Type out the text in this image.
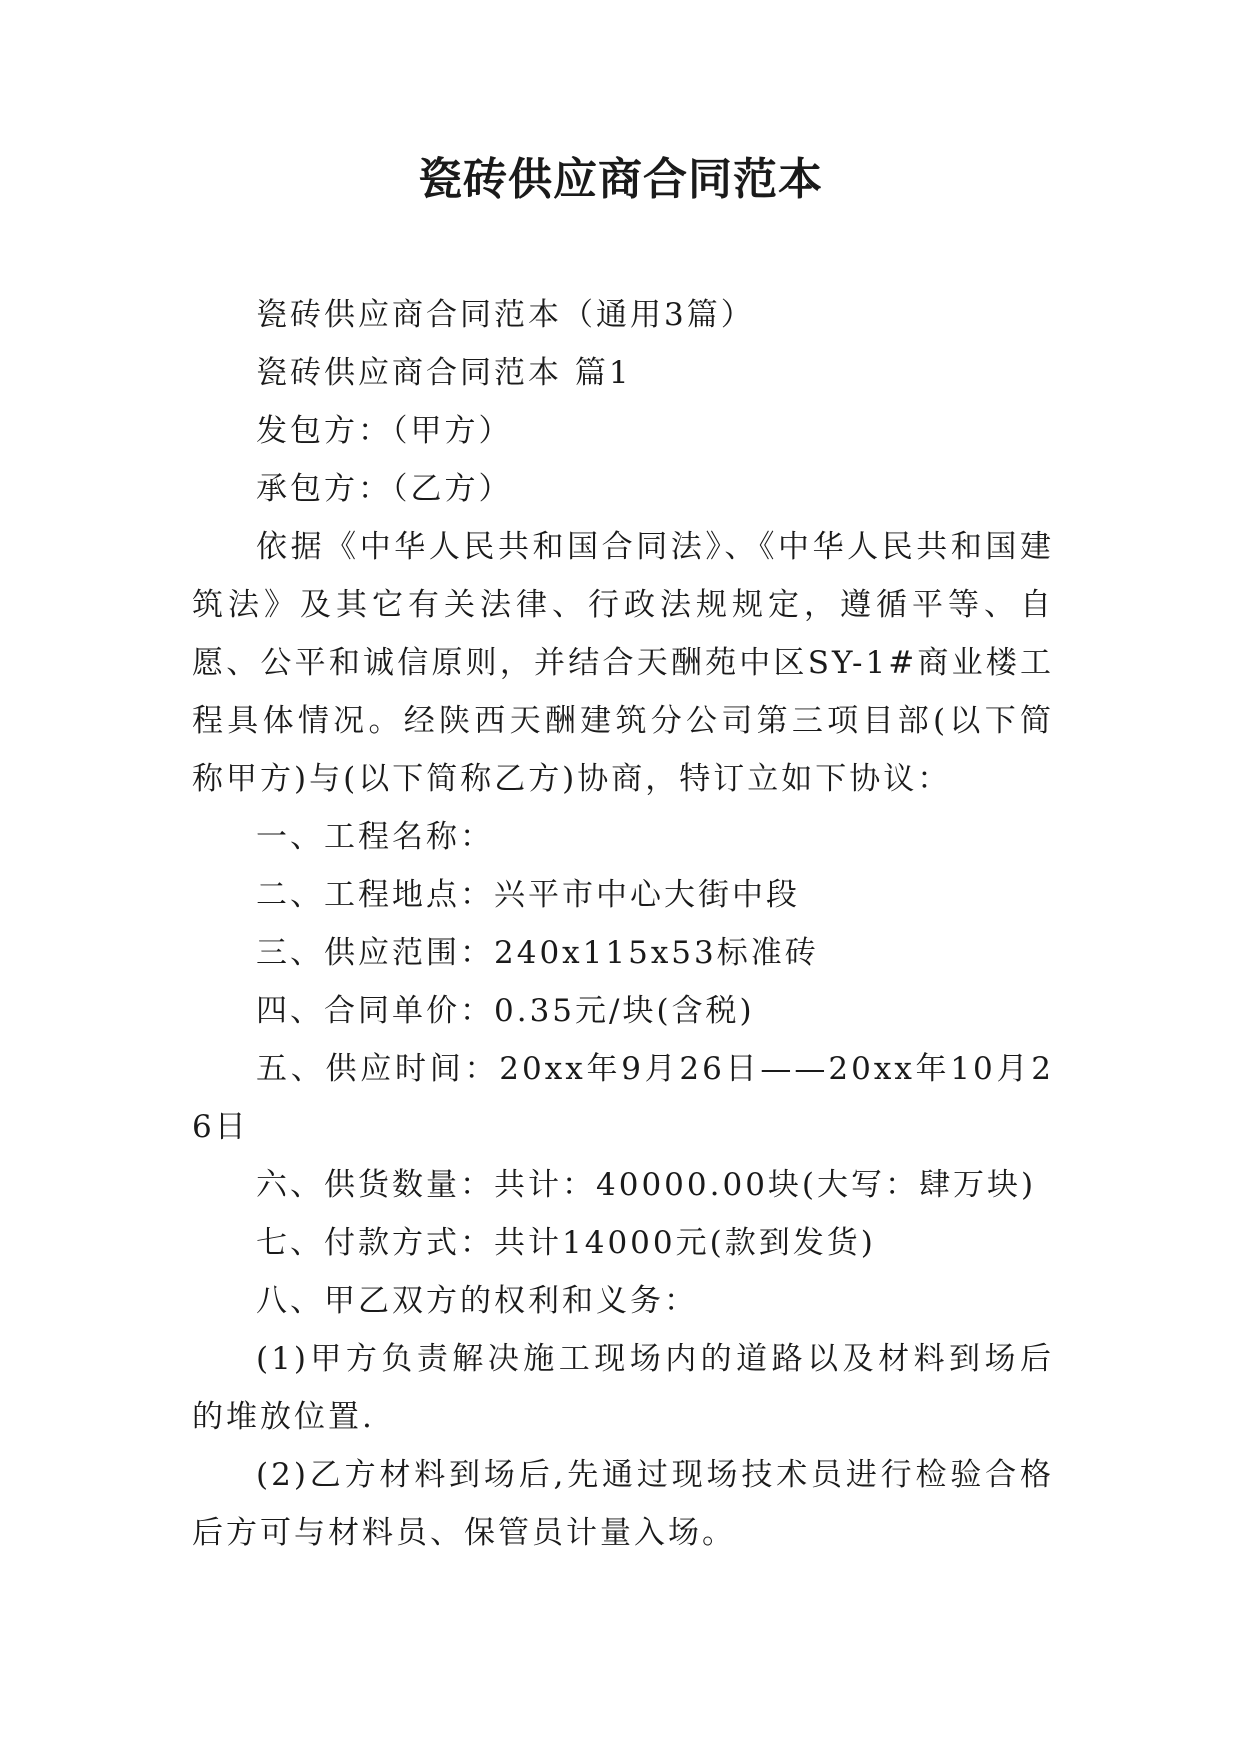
瓷砖供应商合同范本

瓷砖供应商合同范本（通用3篇）

瓷砖供应商合同范本 篇1

发包方：（甲方）

承包方：（乙方）

依据《中华人民共和国合同法》、《中华人民共和国建筑法》及其它有关法律、行政法规规定，遵循平等、自愿、公平和诚信原则，并结合天酬苑中区SY-1#商业楼工程具体情况。经陕西天酬建筑分公司第三项目部(以下简称甲方)与(以下简称乙方)协商，特订立如下协议：

一、工程名称：

二、工程地点：兴平市中心大街中段

三、供应范围：240x115x53标准砖

四、合同单价：0.35元/块(含税)

五、供应时间：20xx年9月26日——20xx年10月26日

六、供货数量：共计：40000.00块(大写：肆万块)

七、付款方式：共计14000元(款到发货)

八、甲乙双方的权利和义务：

(1)甲方负责解决施工现场内的道路以及材料到场后的堆放位置.

(2)乙方材料到场后,先通过现场技术员进行检验合格后方可与材料员、保管员计量入场。
